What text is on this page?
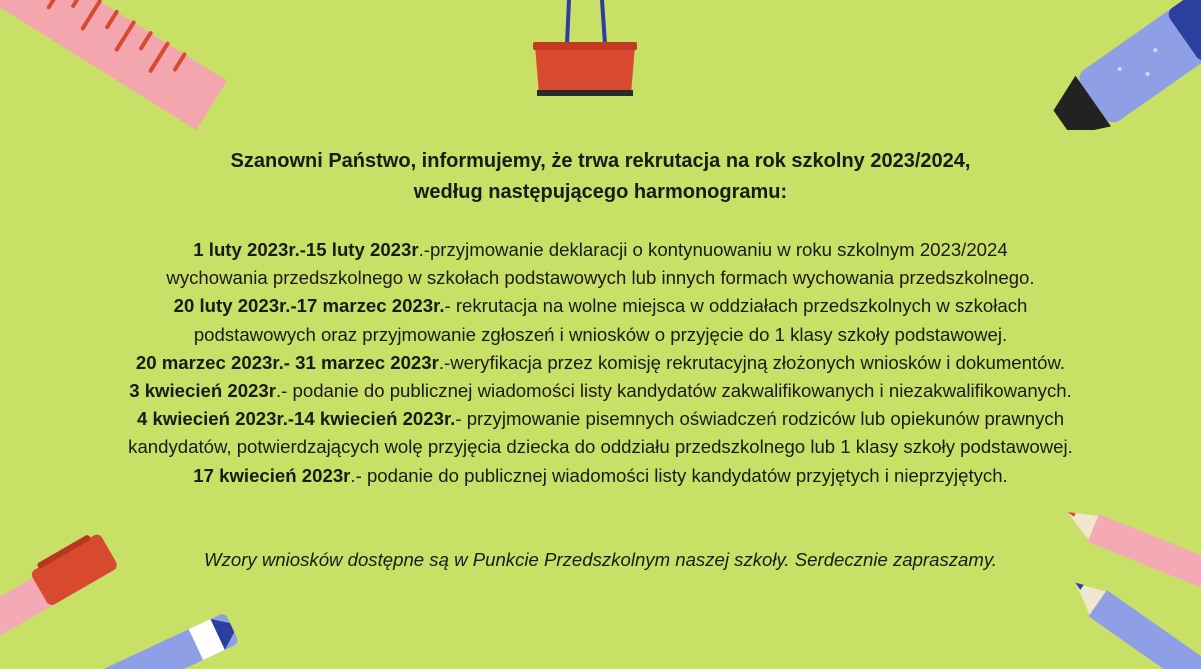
Szanowni Państwo, informujemy, że trwa rekrutacja na rok szkolny 2023/2024,
według następującego harmonogramu:
1 luty 2023r.-15 luty 2023r.-przyjmowanie deklaracji o kontynuowaniu w roku szkolnym 2023/2024
wychowania przedszkolnego w szkołach podstawowych lub innych formach wychowania przedszkolnego.
20 luty 2023r.-17 marzec 2023r.- rekrutacja na wolne miejsca w oddziałach przedszkolnych w szkołach
podstawowych oraz przyjmowanie zgłoszeń i wniosków o przyjęcie do 1 klasy szkoły podstawowej.
20 marzec 2023r.- 31 marzec 2023r.-weryfikacja przez komisję rekrutacyjną złożonych wniosków i dokumentów.
3 kwiecień 2023r.- podanie do publicznej wiadomości listy kandydatów zakwalifikowanych i niezakwalifikowanych.
4 kwiecień 2023r.-14 kwiecień 2023r.- przyjmowanie pisemnych oświadczeń rodziców lub opiekunów prawnych
kandydatów, potwierdzających wolę przyjęcia dziecka do oddziału przedszkolnego lub 1 klasy szkoły podstawowej.
17 kwiecień 2023r.- podanie do publicznej wiadomości listy kandydatów przyjętych i nieprzyjętych.
Wzory wniosków dostępne są w Punkcie Przedszkolnym naszej szkoły. Serdecznie zapraszamy.
